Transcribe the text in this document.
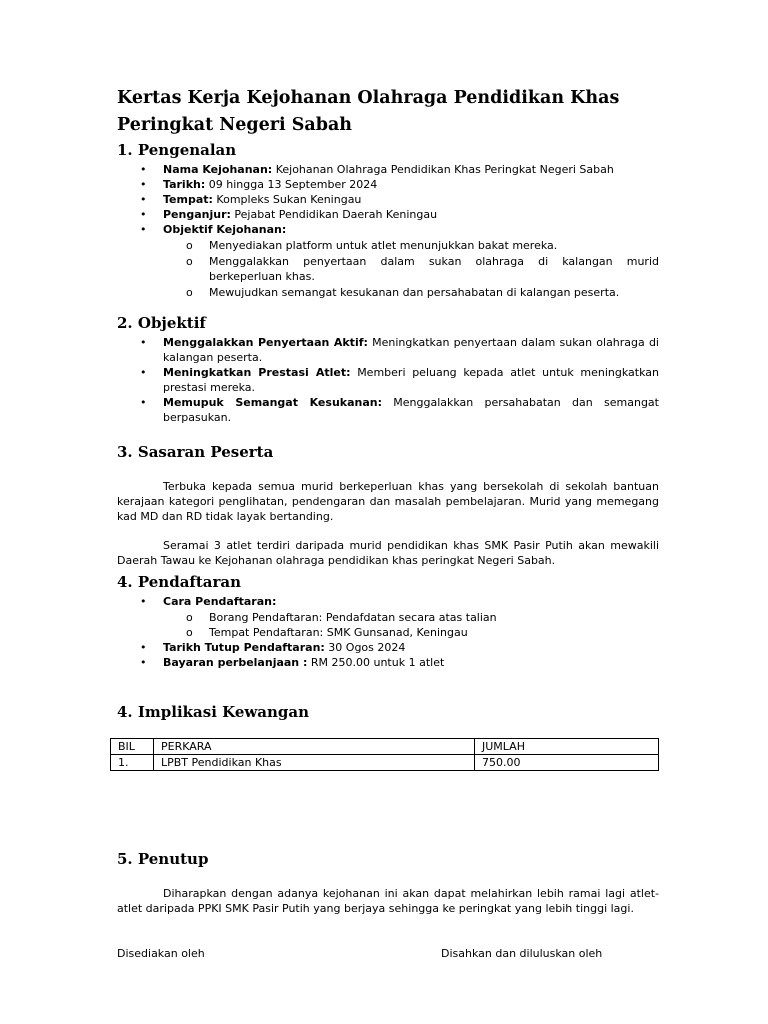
Kertas Kerja Kejohanan Olahraga Pendidikan Khas Peringkat Negeri Sabah
1. Pengenalan
• Nama Kejohanan: Kejohanan Olahraga Pendidikan Khas Peringkat Negeri Sabah
• Tarikh: 09 hingga 13 September 2024
• Tempat: Kompleks Sukan Keningau
• Penganjur: Pejabat Pendidikan Daerah Keningau
• Objektif Kejohanan:
o Menyediakan platform untuk atlet menunjukkan bakat mereka.
o Menggalakkan penyertaan dalam sukan olahraga di kalangan murid berkeperluan khas.
o Mewujudkan semangat kesukanan dan persahabatan di kalangan peserta.
2. Objektif
• Menggalakkan Penyertaan Aktif: Meningkatkan penyertaan dalam sukan olahraga di kalangan peserta.
• Meningkatkan Prestasi Atlet: Memberi peluang kepada atlet untuk meningkatkan prestasi mereka.
• Memupuk Semangat Kesukanan: Menggalakkan persahabatan dan semangat berpasukan.
3. Sasaran Peserta

Terbuka kepada semua murid berkeperluan khas yang bersekolah di sekolah bantuan kerajaan kategori penglihatan, pendengaran dan masalah pembelajaran. Murid yang memegang kad MD dan RD tidak layak bertanding.

Seramai 3 atlet terdiri daripada murid pendidikan khas SMK Pasir Putih akan mewakili Daerah Tawau ke Kejohanan olahraga pendidikan khas peringkat Negeri Sabah.

4. Pendaftaran
• Cara Pendaftaran:
o Borang Pendaftaran: Pendafdatan secara atas talian
o Tempat Pendaftaran: SMK Gunsanad, Keningau
• Tarikh Tutup Pendaftaran: 30 Ogos 2024
• Bayaran perbelanjaan : RM 250.00 untuk 1 atlet
4. Implikasi Kewangan
BIL	PERKARA	JUMLAH
1.	LPBT Pendidikan Khas	750.00
5. Penutup

Diharapkan dengan adanya kejohanan ini akan dapat melahirkan lebih ramai lagi atlet-atlet daripada PPKI SMK Pasir Putih yang berjaya sehingga ke peringkat yang lebih tinggi lagi.

Disediakan oleh	Disahkan dan diluluskan oleh
